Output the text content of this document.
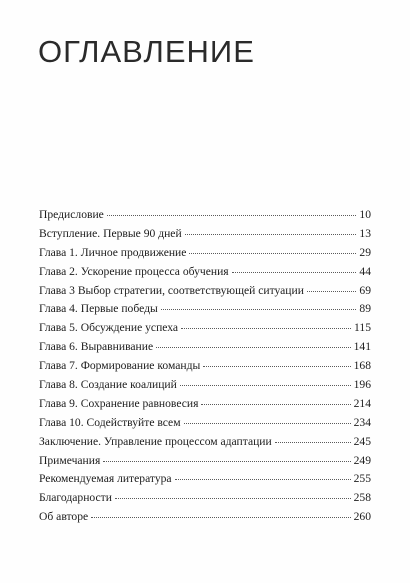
ОГЛАВЛЕНИЕ
Предисловие	10
Вступление. Первые 90 дней	13
Глава 1. Личное продвижение	29
Глава 2. Ускорение процесса обучения	44
Глава 3 Выбор стратегии, соответствующей ситуации	69
Глава 4. Первые победы	89
Глава 5. Обсуждение успеха	115
Глава 6. Выравнивание	141
Глава 7. Формирование команды	168
Глава 8. Создание коалиций	196
Глава 9. Сохранение равновесия	214
Глава 10. Содействуйте всем	234
Заключение. Управление процессом адаптации	245
Примечания	249
Рекомендуемая литература	255
Благодарности	258
Об авторе	260
